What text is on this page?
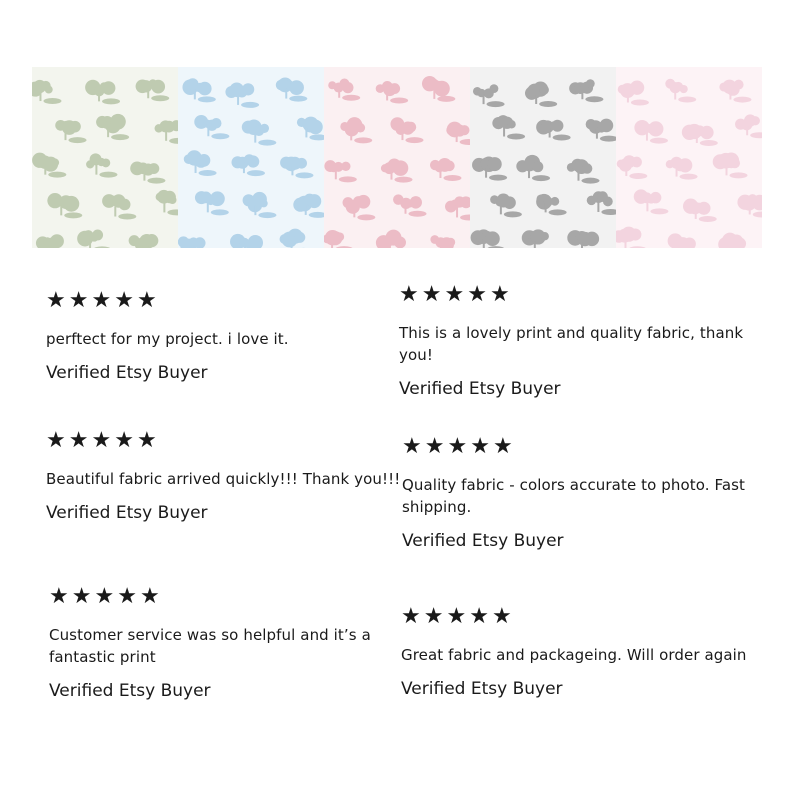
★★★★★
perftect for my project. i love it.
Verified Etsy Buyer
★★★★★
This is a lovely print and quality fabric, thank you!
Verified Etsy Buyer
★★★★★
Beautiful fabric arrived quickly!!! Thank you!!!
Verified Etsy Buyer
★★★★★
Quality fabric - colors accurate to photo. Fast shipping.
Verified Etsy Buyer
★★★★★
Customer service was so helpful and it’s a fantastic print
Verified Etsy Buyer
★★★★★
Great fabric and packageing. Will order again
Verified Etsy Buyer
